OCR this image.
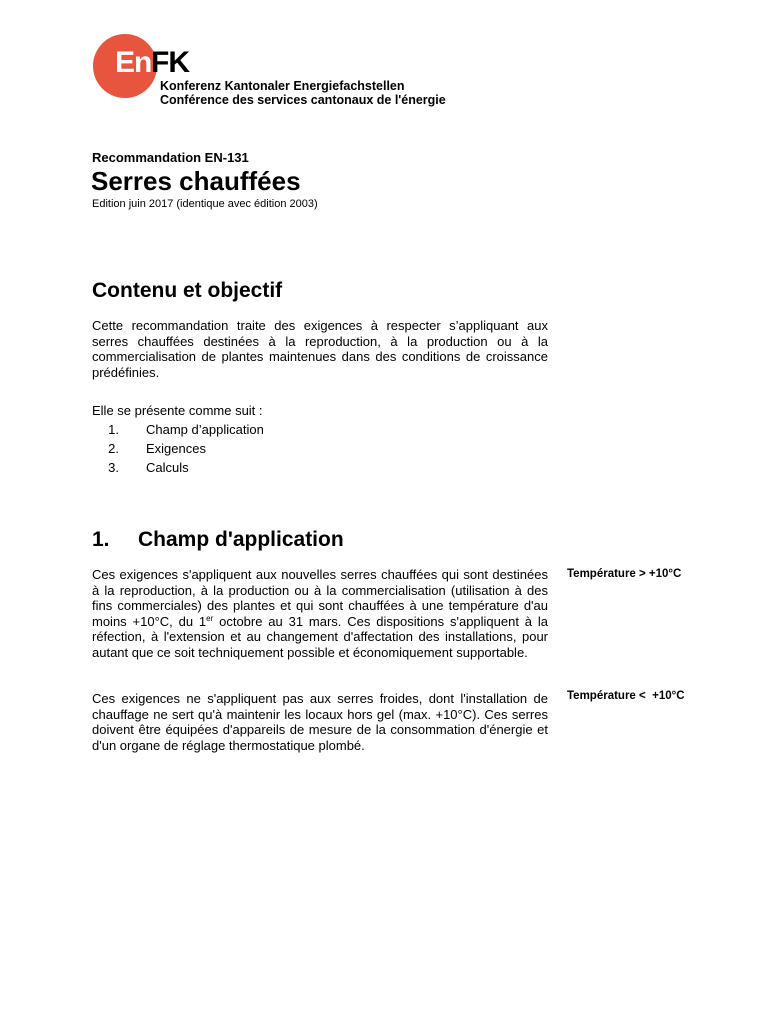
En FK
Konferenz Kantonaler Energiefachstellen
Conférence des services cantonaux de l'énergie
Recommandation EN-131
Serres chauffées
Edition juin 2017 (identique avec édition 2003)
Contenu et objectif
Cette recommandation traite des exigences à respecter s’appliquant aux serres chauffées destinées à la reproduction, à la production ou à la commercialisation de plantes maintenues dans des conditions de croissance prédéfinies.
Elle se présente comme suit :
1. Champ d’application
2. Exigences
3. Calculs
1. Champ d'application
Ces exigences s'appliquent aux nouvelles serres chauffées qui sont destinées à la reproduction, à la production ou à la commercialisation (utilisation à des fins commerciales) des plantes et qui sont chauffées à une température d'au moins +10°C, du 1er octobre au 31 mars. Ces dispositions s'appliquent à la réfection, à l'extension et au changement d'affectation des installations, pour autant que ce soit techniquement possible et économiquement supportable.
Ces exigences ne s'appliquent pas aux serres froides, dont l'installation de chauffage ne sert qu'à maintenir les locaux hors gel (max. +10°C). Ces serres doivent être équipées d'appareils de mesure de la consommation d'énergie et d'un organe de réglage thermostatique plombé.
Température > +10°C
Température <  +10°C
